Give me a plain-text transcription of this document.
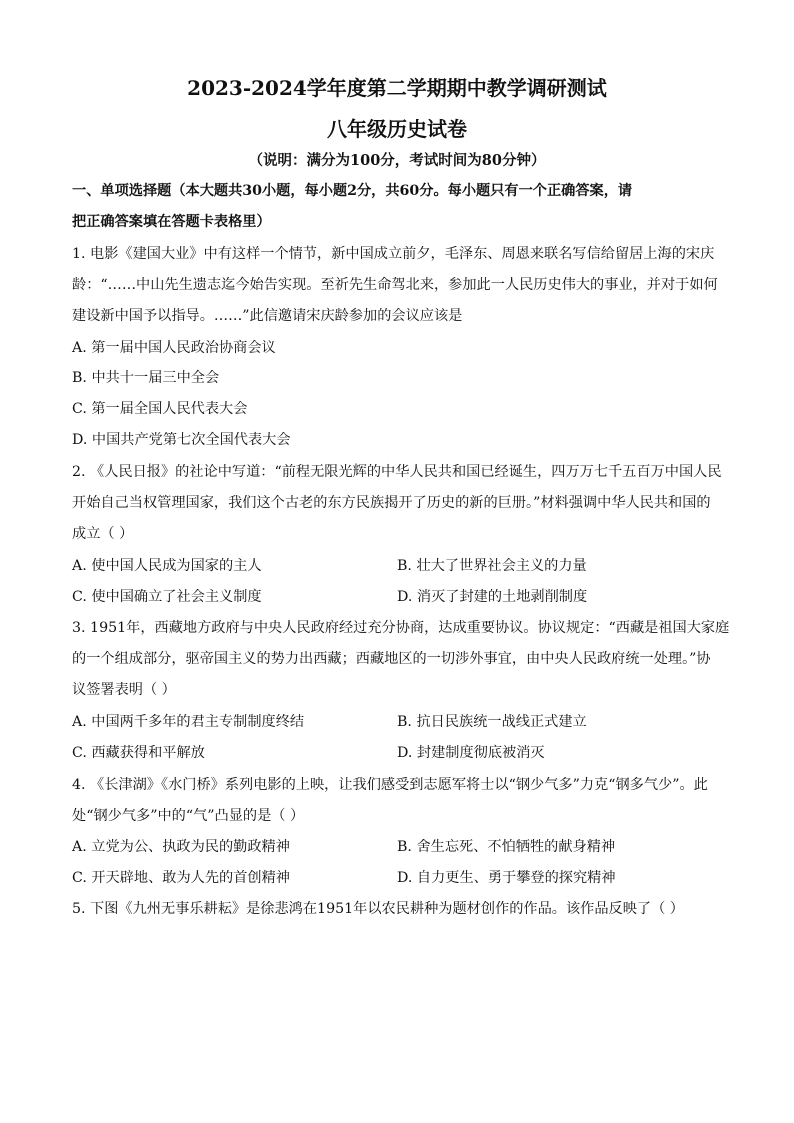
2023-2024学年度第二学期期中教学调研测试
八年级历史试卷
（说明：满分为100分，考试时间为80分钟）
一、单项选择题（本大题共30小题，每小题2分，共60分。每小题只有一个正确答案，请
把正确答案填在答题卡表格里）
1. 电影《建国大业》中有这样一个情节，新中国成立前夕，毛泽东、周恩来联名写信给留居上海的宋庆
龄：“……中山先生遗志迄今始告实现。至祈先生命驾北来，参加此一人民历史伟大的事业，并对于如何
建设新中国予以指导。……”此信邀请宋庆龄参加的会议应该是
A. 第一届中国人民政治协商会议
B. 中共十一届三中全会
C. 第一届全国人民代表大会
D. 中国共产党第七次全国代表大会
2. 《人民日报》的社论中写道：“前程无限光辉的中华人民共和国已经诞生，四万万七千五百万中国人民
开始自己当权管理国家，我们这个古老的东方民族揭开了历史的新的巨册。”材料强调中华人民共和国的
成立（ ）
A. 使中国人民成为国家的主人	B. 壮大了世界社会主义的力量
C. 使中国确立了社会主义制度	D. 消灭了封建的土地剥削制度
3. 1951年，西藏地方政府与中央人民政府经过充分协商，达成重要协议。协议规定：“西藏是祖国大家庭
的一个组成部分，驱帝国主义的势力出西藏；西藏地区的一切涉外事宜，由中央人民政府统一处理。”协
议签署表明（ ）
A. 中国两千多年的君主专制制度终结	B. 抗日民族统一战线正式建立
C. 西藏获得和平解放	D. 封建制度彻底被消灭
4. 《长津湖》《水门桥》系列电影的上映，让我们感受到志愿军将士以“钢少气多”力克“钢多气少”。此
处“钢少气多”中的“气”凸显的是（ ）
A. 立党为公、执政为民的勤政精神	B. 舍生忘死、不怕牺牲的献身精神
C. 开天辟地、敢为人先的首创精神	D. 自力更生、勇于攀登的探究精神
5. 下图《九州无事乐耕耘》是徐悲鸿在1951年以农民耕种为题材创作的作品。该作品反映了（ ）
